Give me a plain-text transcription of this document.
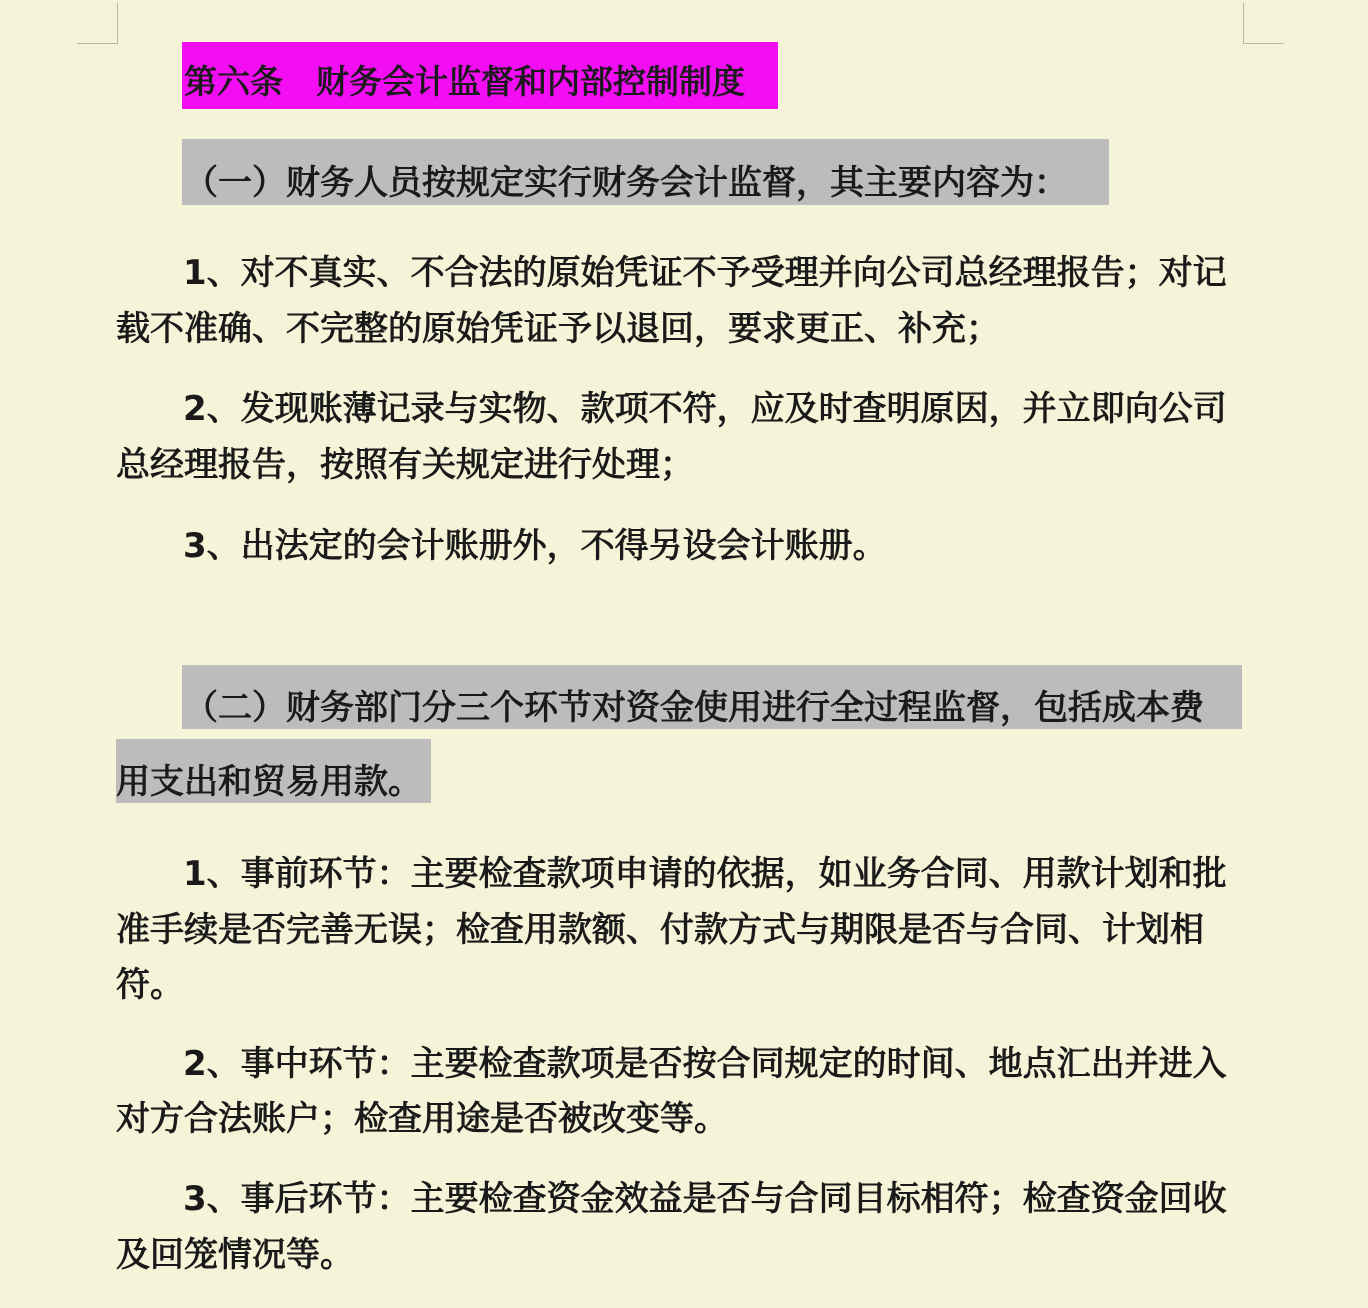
第六条　财务会计监督和内部控制制度
（一）财务人员按规定实行财务会计监督，其主要内容为：
1、对不真实、不合法的原始凭证不予受理并向公司总经理报告；对记
载不准确、不完整的原始凭证予以退回，要求更正、补充；
2、发现账薄记录与实物、款项不符，应及时查明原因，并立即向公司
总经理报告，按照有关规定进行处理；
3、出法定的会计账册外，不得另设会计账册。
（二）财务部门分三个环节对资金使用进行全过程监督，包括成本费
用支出和贸易用款。
1、事前环节：主要检查款项申请的依据，如业务合同、用款计划和批
准手续是否完善无误；检查用款额、付款方式与期限是否与合同、计划相
符。
2、事中环节：主要检查款项是否按合同规定的时间、地点汇出并进入
对方合法账户；检查用途是否被改变等。
3、事后环节：主要检查资金效益是否与合同目标相符；检查资金回收
及回笼情况等。
